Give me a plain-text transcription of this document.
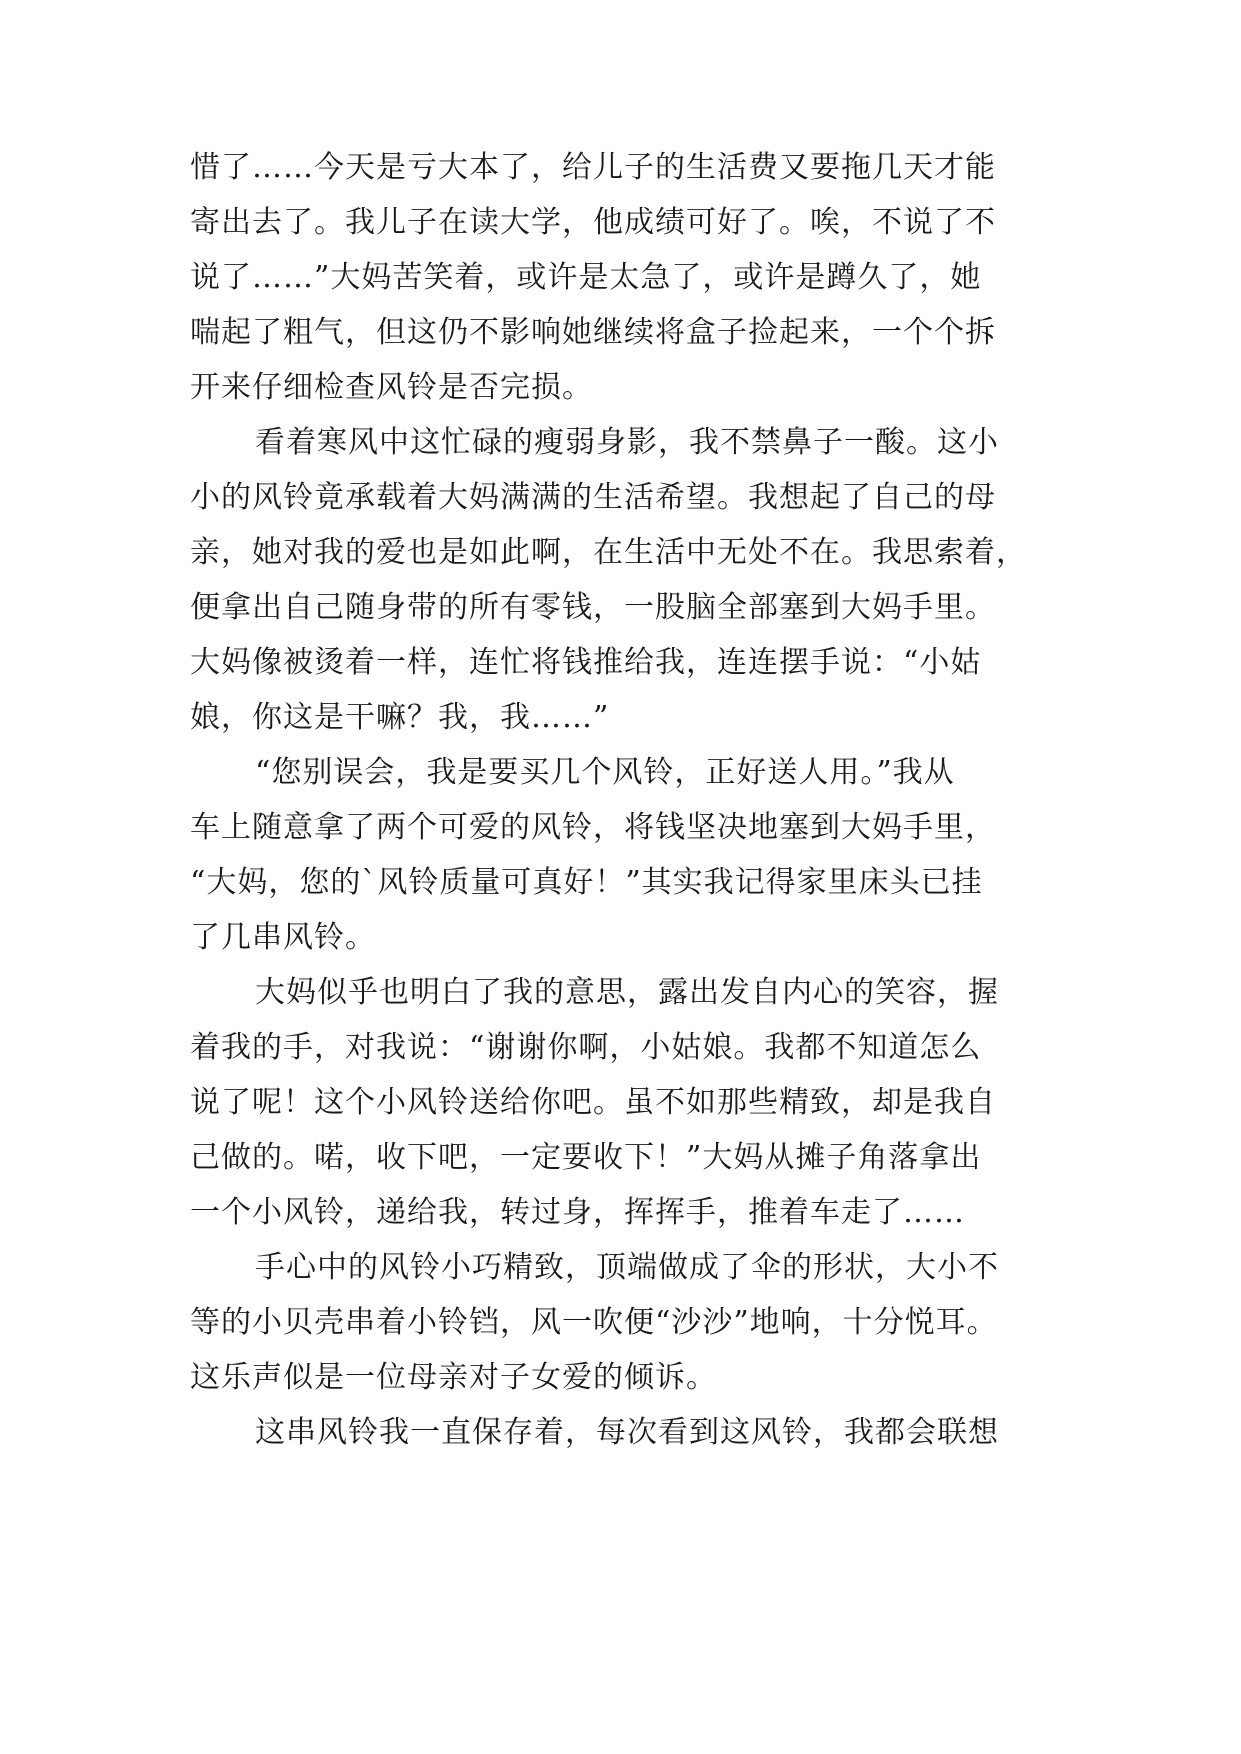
惜了……今天是亏大本了，给儿子的生活费又要拖几天才能
寄出去了。我儿子在读大学，他成绩可好了。唉，不说了不
说了……”大妈苦笑着，或许是太急了，或许是蹲久了，她
喘起了粗气，但这仍不影响她继续将盒子捡起来，一个个拆
开来仔细检查风铃是否完损。
看着寒风中这忙碌的瘦弱身影，我不禁鼻子一酸。这小
小的风铃竟承载着大妈满满的生活希望。我想起了自己的母
亲，她对我的爱也是如此啊，在生活中无处不在。我思索着，
便拿出自己随身带的所有零钱，一股脑全部塞到大妈手里。
大妈像被烫着一样，连忙将钱推给我，连连摆手说：“小姑
娘，你这是干嘛？我，我……”
“您别误会，我是要买几个风铃，正好送人用。”我从
车上随意拿了两个可爱的风铃，将钱坚决地塞到大妈手里，
“大妈，您的`风铃质量可真好！”其实我记得家里床头已挂
了几串风铃。
大妈似乎也明白了我的意思，露出发自内心的笑容，握
着我的手，对我说：“谢谢你啊，小姑娘。我都不知道怎么
说了呢！这个小风铃送给你吧。虽不如那些精致，却是我自
己做的。喏，收下吧，一定要收下！”大妈从摊子角落拿出
一个小风铃，递给我，转过身，挥挥手，推着车走了……
手心中的风铃小巧精致，顶端做成了伞的形状，大小不
等的小贝壳串着小铃铛，风一吹便“沙沙”地响，十分悦耳。
这乐声似是一位母亲对子女爱的倾诉。
这串风铃我一直保存着，每次看到这风铃，我都会联想
